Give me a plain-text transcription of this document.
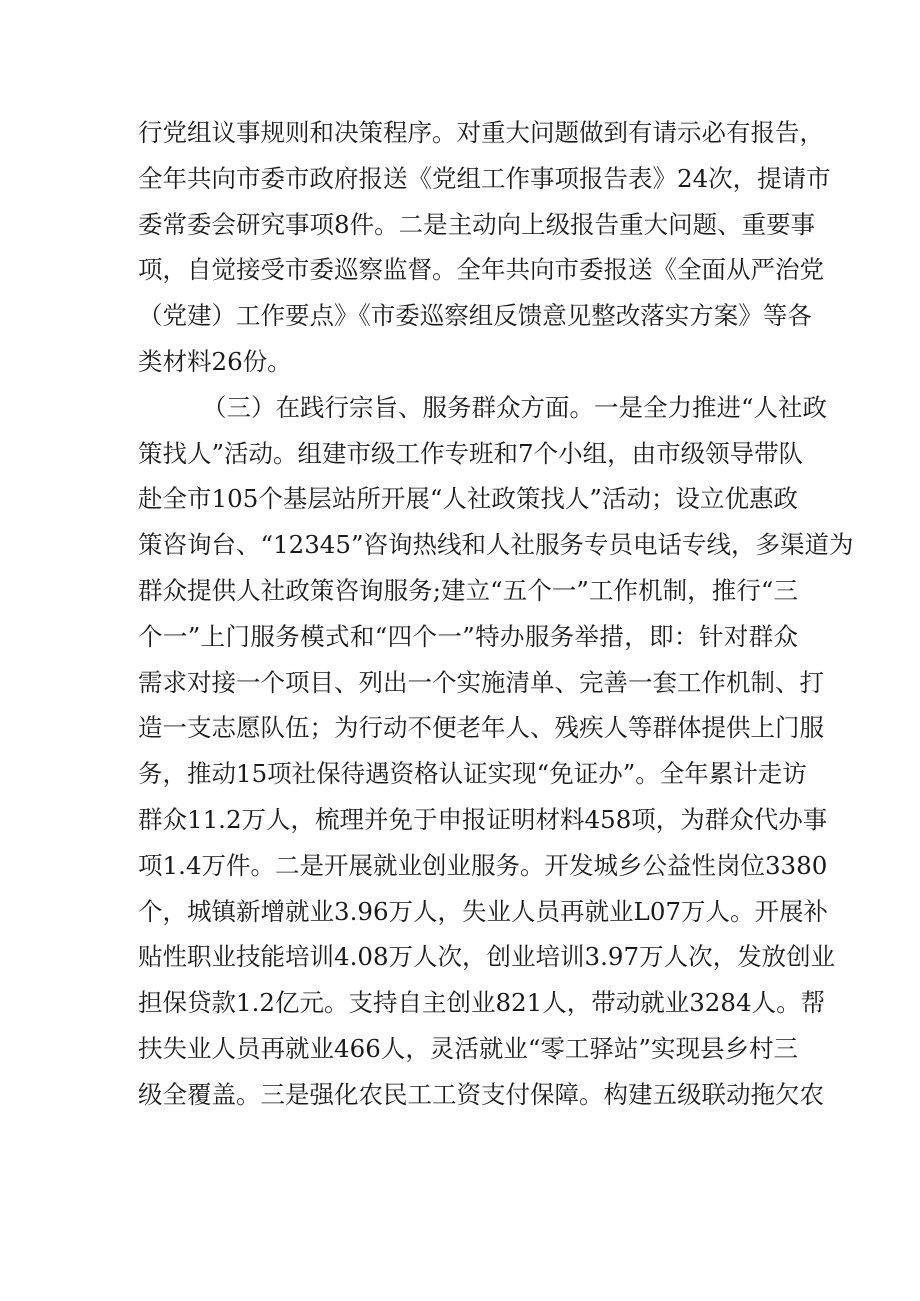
行党组议事规则和决策程序。对重大问题做到有请示必有报告，
全年共向市委市政府报送《党组工作事项报告表》24次，提请市
委常委会研究事项8件。二是主动向上级报告重大问题、重要事
项，自觉接受市委巡察监督。全年共向市委报送《全面从严治党
（党建）工作要点》《市委巡察组反馈意见整改落实方案》等各
类材料26份。
（三）在践行宗旨、服务群众方面。一是全力推进“人社政
策找人”活动。组建市级工作专班和7个小组，由市级领导带队
赴全市105个基层站所开展“人社政策找人”活动；设立优惠政
策咨询台、“12345”咨询热线和人社服务专员电话专线，多渠道为
群众提供人社政策咨询服务;建立“五个一”工作机制，推行“三
个一”上门服务模式和“四个一”特办服务举措，即：针对群众
需求对接一个项目、列出一个实施清单、完善一套工作机制、打
造一支志愿队伍；为行动不便老年人、残疾人等群体提供上门服
务，推动15项社保待遇资格认证实现“免证办”。全年累计走访
群众11.2万人，梳理并免于申报证明材料458项，为群众代办事
项1.4万件。二是开展就业创业服务。开发城乡公益性岗位3380
个，城镇新增就业3.96万人，失业人员再就业L07万人。开展补
贴性职业技能培训4.08万人次，创业培训3.97万人次，发放创业
担保贷款1.2亿元。支持自主创业821人，带动就业3284人。帮
扶失业人员再就业466人，灵活就业“零工驿站”实现县乡村三
级全覆盖。三是强化农民工工资支付保障。构建五级联动拖欠农
